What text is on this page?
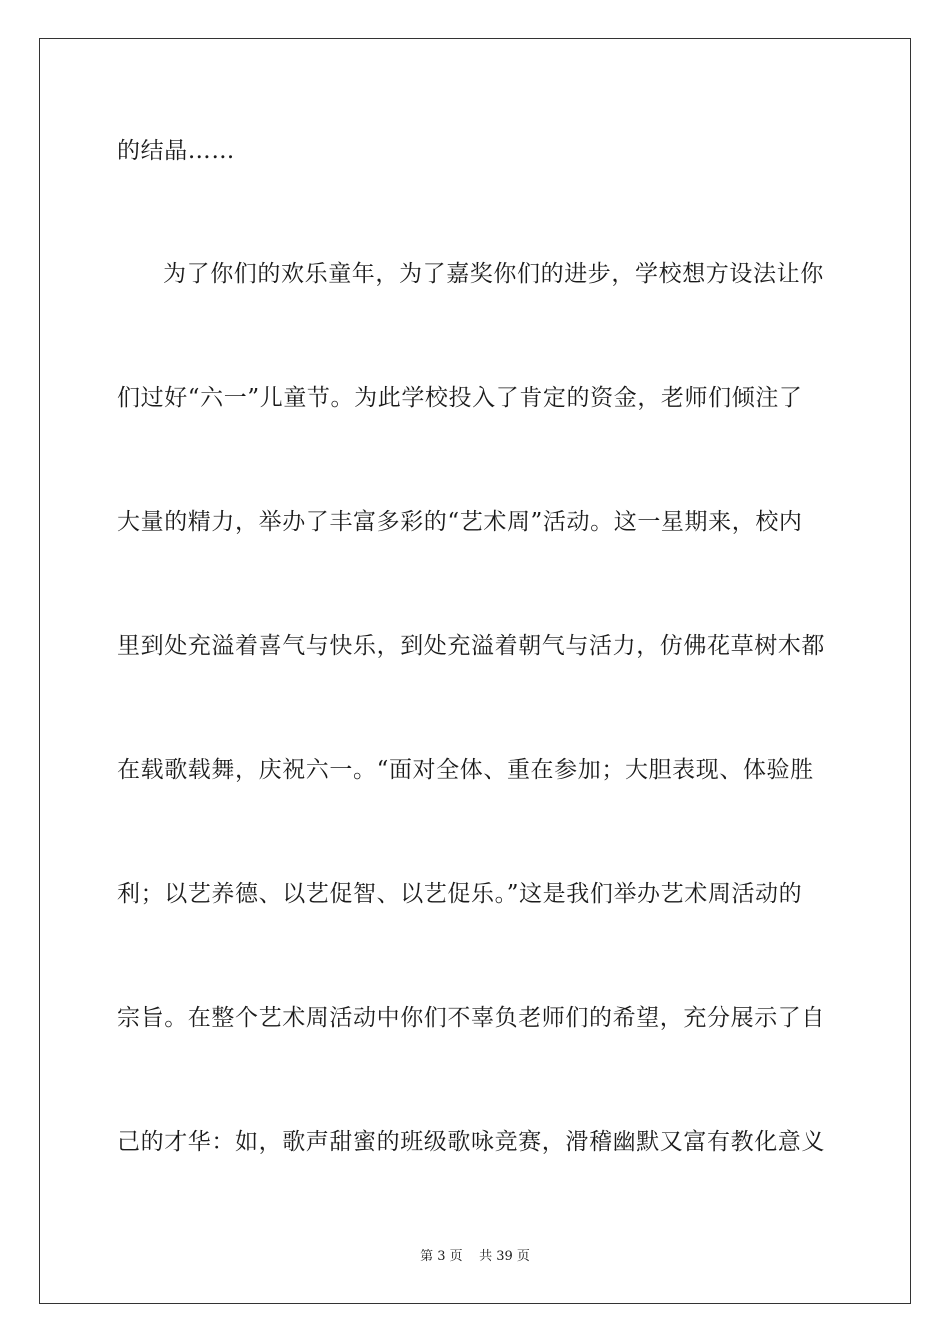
的结晶……
为了你们的欢乐童年，为了嘉奖你们的进步，学校想方设法让你
们过好“六一”儿童节。为此学校投入了肯定的资金，老师们倾注了
大量的精力，举办了丰富多彩的“艺术周”活动。这一星期来，校内
里到处充溢着喜气与快乐，到处充溢着朝气与活力，仿佛花草树木都
在载歌载舞，庆祝六一。“面对全体、重在参加；大胆表现、体验胜
利；以艺养德、以艺促智、以艺促乐。”这是我们举办艺术周活动的
宗旨。在整个艺术周活动中你们不辜负老师们的希望，充分展示了自
己的才华：如，歌声甜蜜的班级歌咏竞赛，滑稽幽默又富有教化意义
第 3 页    共 39 页
